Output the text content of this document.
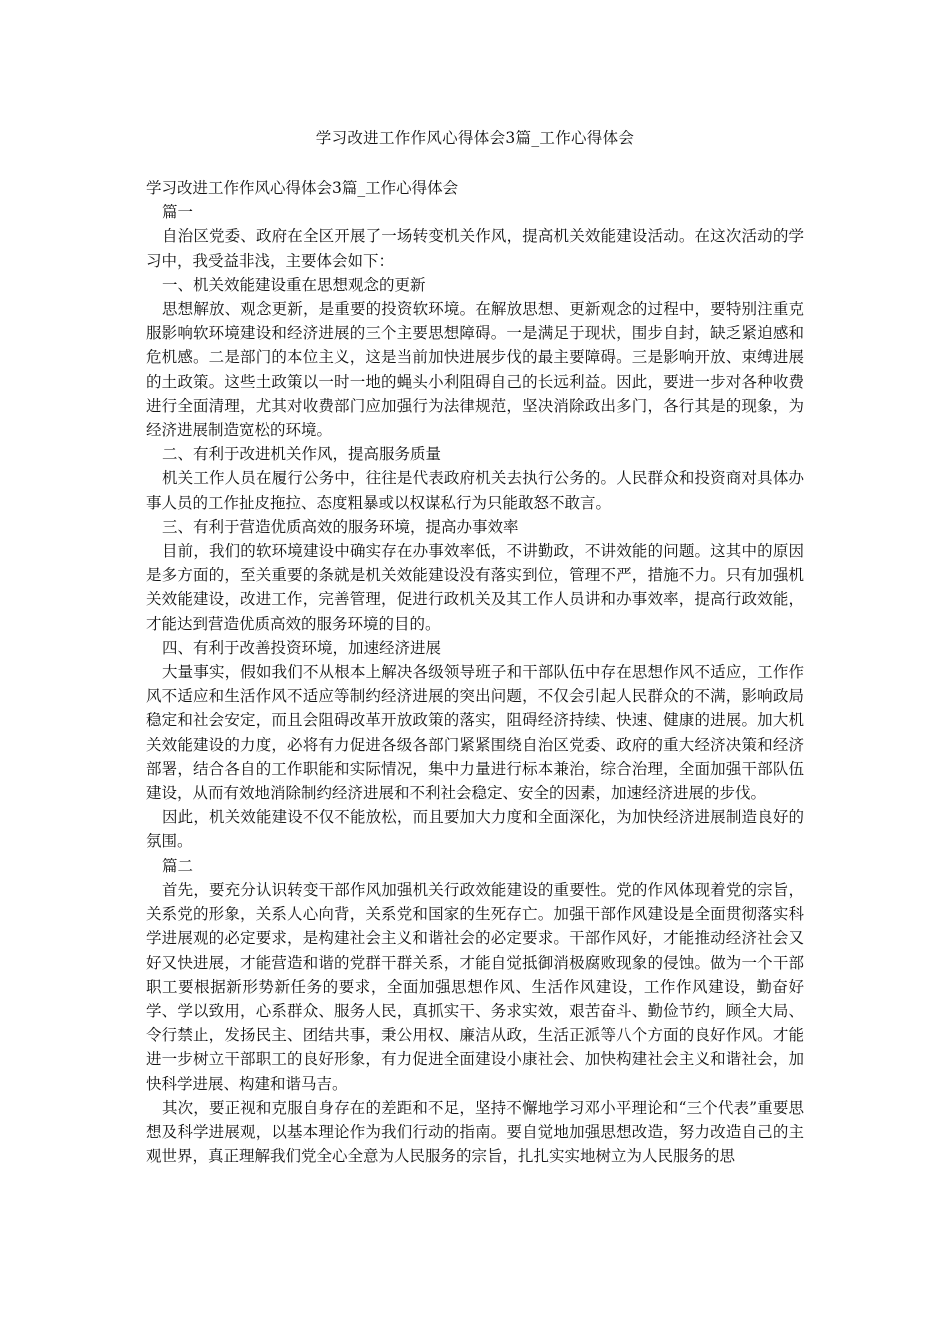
学习改进工作作风心得体会3篇_工作心得体会

学习改进工作作风心得体会3篇_工作心得体会

篇一

自治区党委、政府在全区开展了一场转变机关作风，提高机关效能建设活动。在这次活动的学习中，我受益非浅，主要体会如下：

一、机关效能建设重在思想观念的更新

思想解放、观念更新，是重要的投资软环境。在解放思想、更新观念的过程中，要特别注重克服影响软环境建设和经济进展的三个主要思想障碍。一是满足于现状，围步自封，缺乏紧迫感和危机感。二是部门的本位主义，这是当前加快进展步伐的最主要障碍。三是影响开放、束缚进展的土政策。这些土政策以一时一地的蝇头小利阻碍自己的长远利益。因此，要进一步对各种收费进行全面清理，尤其对收费部门应加强行为法律规范，坚决消除政出多门，各行其是的现象，为经济进展制造宽松的环境。

二、有利于改进机关作风，提高服务质量

机关工作人员在履行公务中，往往是代表政府机关去执行公务的。人民群众和投资商对具体办事人员的工作扯皮拖拉、态度粗暴或以权谋私行为只能敢怒不敢言。

三、有利于营造优质高效的服务环境，提高办事效率

目前，我们的软环境建设中确实存在办事效率低，不讲勤政，不讲效能的问题。这其中的原因是多方面的，至关重要的条就是机关效能建设没有落实到位，管理不严，措施不力。只有加强机关效能建设，改进工作，完善管理，促进行政机关及其工作人员讲和办事效率，提高行政效能，才能达到营造优质高效的服务环境的目的。

四、有利于改善投资环境，加速经济进展

大量事实，假如我们不从根本上解决各级领导班子和干部队伍中存在思想作风不适应，工作作风不适应和生活作风不适应等制约经济进展的突出问题，不仅会引起人民群众的不满，影响政局稳定和社会安定，而且会阻碍改革开放政策的落实，阻碍经济持续、快速、健康的进展。加大机关效能建设的力度，必将有力促进各级各部门紧紧围绕自治区党委、政府的重大经济决策和经济部署，结合各自的工作职能和实际情况，集中力量进行标本兼治，综合治理，全面加强干部队伍建设，从而有效地消除制约经济进展和不利社会稳定、安全的因素，加速经济进展的步伐。

因此，机关效能建设不仅不能放松，而且要加大力度和全面深化，为加快经济进展制造良好的氛围。

篇二

首先，要充分认识转变干部作风加强机关行政效能建设的重要性。党的作风体现着党的宗旨，关系党的形象，关系人心向背，关系党和国家的生死存亡。加强干部作风建设是全面贯彻落实科学进展观的必定要求，是构建社会主义和谐社会的必定要求。干部作风好，才能推动经济社会又好又快进展，才能营造和谐的党群干群关系，才能自觉抵御消极腐败现象的侵蚀。做为一个干部职工要根据新形势新任务的要求，全面加强思想作风、生活作风建设，工作作风建设，勤奋好学、学以致用，心系群众、服务人民，真抓实干、务求实效，艰苦奋斗、勤俭节约，顾全大局、令行禁止，发扬民主、团结共事，秉公用权、廉洁从政，生活正派等八个方面的良好作风。才能进一步树立干部职工的良好形象，有力促进全面建设小康社会、加快构建社会主义和谐社会，加快科学进展、构建和谐马吉。

其次，要正视和克服自身存在的差距和不足，坚持不懈地学习邓小平理论和“三个代表”重要思想及科学进展观，以基本理论作为我们行动的指南。要自觉地加强思想改造，努力改造自己的主观世界，真正理解我们党全心全意为人民服务的宗旨，扎扎实实地树立为人民服务的思
